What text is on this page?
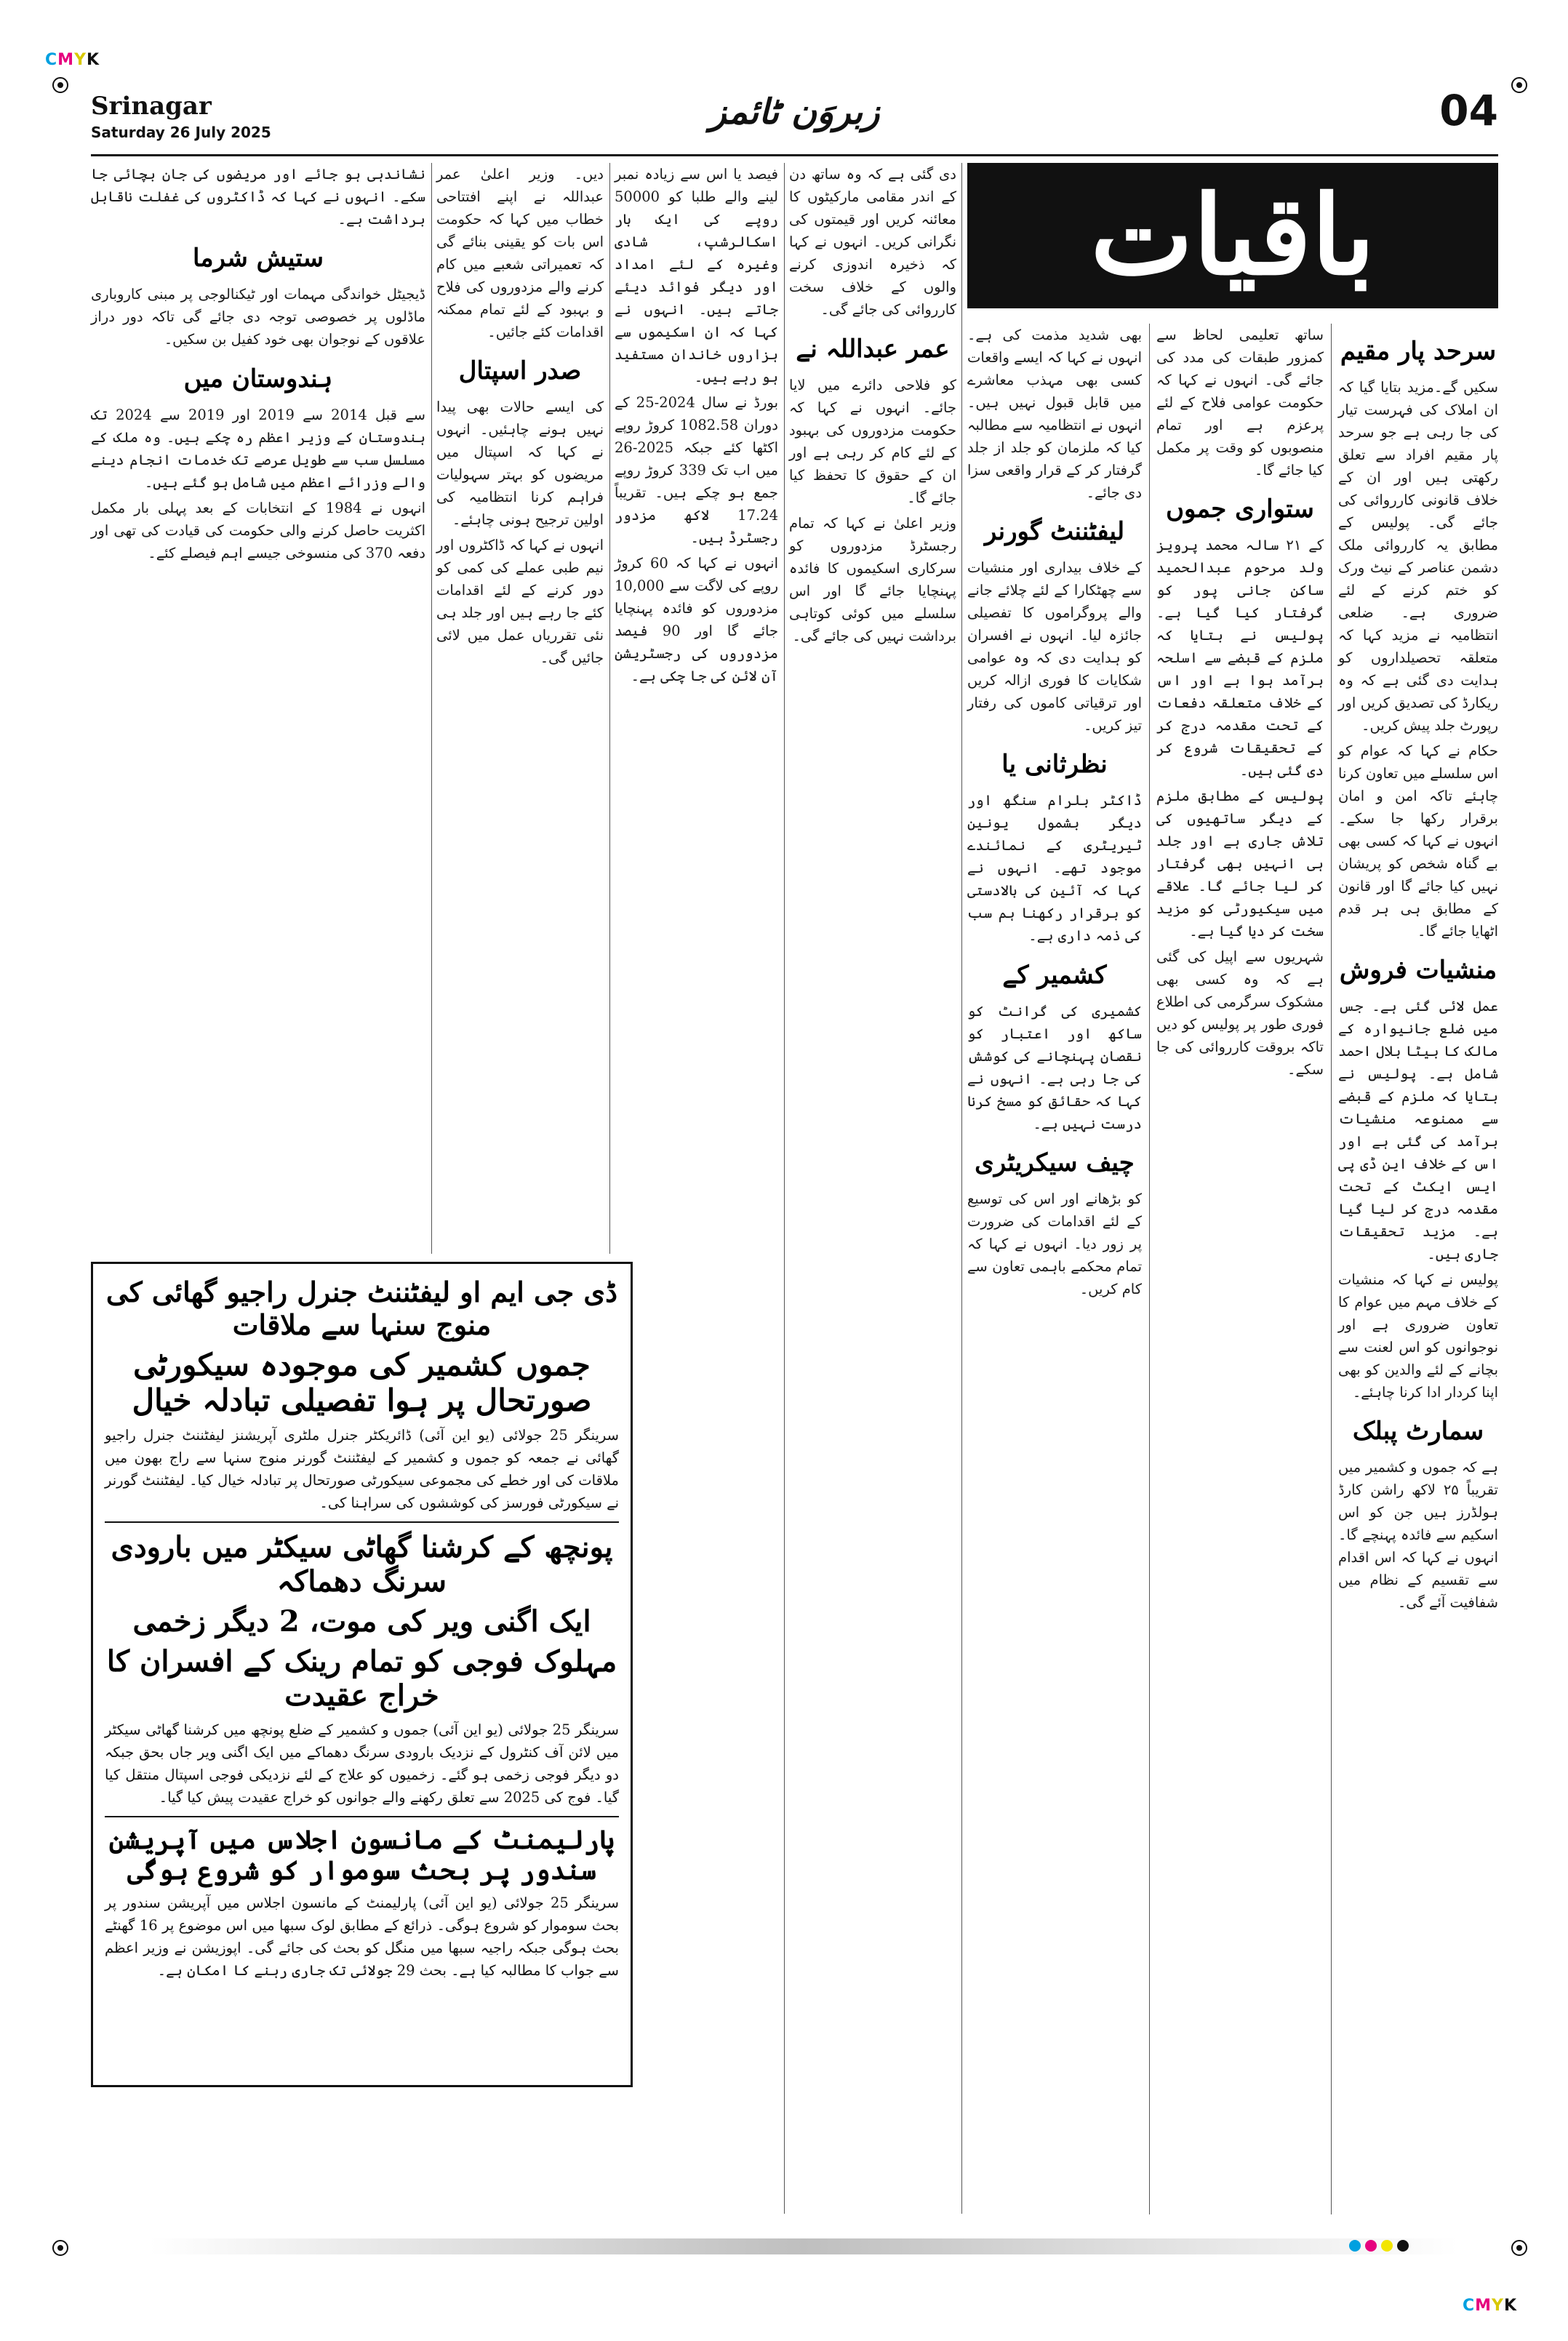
CMYK
CMYK
Srinagar
Saturday 26 July 2025	زبروَن ٹائمز	04
باقیات
سرحد پار مقیم

سکیں گے۔مزید بتایا گیا کہ ان املاک کی فہرست تیار کی جا رہی ہے جو سرحد پار مقیم افراد سے تعلق رکھتی ہیں اور ان کے خلاف قانونی کارروائی کی جائے گی۔ پولیس کے مطابق یہ کارروائی ملک دشمن عناصر کے نیٹ ورک کو ختم کرنے کے لئے ضروری ہے۔ ضلعی انتظامیہ نے مزید کہا کہ متعلقہ تحصیلداروں کو ہدایت دی گئی ہے کہ وہ ریکارڈ کی تصدیق کریں اور رپورٹ جلد پیش کریں۔

حکام نے کہا کہ عوام کو اس سلسلے میں تعاون کرنا چاہئے تاکہ امن و امان برقرار رکھا جا سکے۔ انہوں نے کہا کہ کسی بھی بے گناہ شخص کو پریشان نہیں کیا جائے گا اور قانون کے مطابق ہی ہر قدم اٹھایا جائے گا۔

منشیات فروش

عمل لائی گئی ہے۔ جس میں ضلع جانیوارہ کے مالک کا بیٹا بلال احمد شامل ہے۔ پولیس نے بتایا کہ ملزم کے قبضے سے ممنوعہ منشیات برآمد کی گئی ہے اور اس کے خلاف این ڈی پی ایس ایکٹ کے تحت مقدمہ درج کر لیا گیا ہے۔ مزید تحقیقات جاری ہیں۔

پولیس نے کہا کہ منشیات کے خلاف مہم میں عوام کا تعاون ضروری ہے اور نوجوانوں کو اس لعنت سے بچانے کے لئے والدین کو بھی اپنا کردار ادا کرنا چاہئے۔

سمارٹ پبلک

ہے کہ جموں و کشمیر میں تقریباً ۲۵ لاکھ راشن کارڈ ہولڈرز ہیں جن کو اس اسکیم سے فائدہ پہنچے گا۔ انہوں نے کہا کہ اس اقدام سے تقسیم کے نظام میں شفافیت آئے گی۔

ساتھ تعلیمی لحاظ سے کمزور طبقات کی مدد کی جائے گی۔ انہوں نے کہا کہ حکومت عوامی فلاح کے لئے پرعزم ہے اور تمام منصوبوں کو وقت پر مکمل کیا جائے گا۔

ستواری جموں

کے ۲۱ سالہ محمد پرویز ولد مرحوم عبدالحمید ساکن جانی پور کو گرفتار کیا گیا ہے۔ پولیس نے بتایا کہ ملزم کے قبضے سے اسلحہ برآمد ہوا ہے اور اس کے خلاف متعلقہ دفعات کے تحت مقدمہ درج کر کے تحقیقات شروع کر دی گئی ہیں۔

پولیس کے مطابق ملزم کے دیگر ساتھیوں کی تلاش جاری ہے اور جلد ہی انہیں بھی گرفتار کر لیا جائے گا۔ علاقے میں سیکیورٹی کو مزید سخت کر دیا گیا ہے۔

شہریوں سے اپیل کی گئی ہے کہ وہ کسی بھی مشکوک سرگرمی کی اطلاع فوری طور پر پولیس کو دیں تاکہ بروقت کارروائی کی جا سکے۔

بھی شدید مذمت کی ہے۔ انہوں نے کہا کہ ایسے واقعات کسی بھی مہذب معاشرے میں قابل قبول نہیں ہیں۔ انہوں نے انتظامیہ سے مطالبہ کیا کہ ملزمان کو جلد از جلد گرفتار کر کے قرار واقعی سزا دی جائے۔

لیفٹننٹ گورنر

کے خلاف بیداری اور منشیات سے چھٹکارا کے لئے چلائے جانے والے پروگراموں کا تفصیلی جائزہ لیا۔ انہوں نے افسران کو ہدایت دی کہ وہ عوامی شکایات کا فوری ازالہ کریں اور ترقیاتی کاموں کی رفتار تیز کریں۔

نظرثانی یا

ڈاکٹر بلرام سنگھ اور دیگر بشمول یونین ٹیریٹری کے نمائندے موجود تھے۔ انہوں نے کہا کہ آئین کی بالادستی کو برقرار رکھنا ہم سب کی ذمہ داری ہے۔

کشمیر کے

کشمیری کی گرانٹ کو ساکھ اور اعتبار کو نقصان پہنچانے کی کوشش کی جا رہی ہے۔ انہوں نے کہا کہ حقائق کو مسخ کرنا درست نہیں ہے۔

چیف سیکریٹری

کو بڑھانے اور اس کی توسیع کے لئے اقدامات کی ضرورت پر زور دیا۔ انہوں نے کہا کہ تمام محکمے باہمی تعاون سے کام کریں۔

دی گئی ہے کہ وہ ساتھ دن کے اندر مقامی مارکیٹوں کا معائنہ کریں اور قیمتوں کی نگرانی کریں۔ انہوں نے کہا کہ ذخیرہ اندوزی کرنے والوں کے خلاف سخت کارروائی کی جائے گی۔

عمر عبداللہ نے

کو فلاحی دائرے میں لایا جائے۔ انہوں نے کہا کہ حکومت مزدوروں کی بہبود کے لئے کام کر رہی ہے اور ان کے حقوق کا تحفظ کیا جائے گا۔

وزیر اعلیٰ نے کہا کہ تمام رجسٹرڈ مزدوروں کو سرکاری اسکیموں کا فائدہ پہنچایا جائے گا اور اس سلسلے میں کوئی کوتاہی برداشت نہیں کی جائے گی۔

فیصد یا اس سے زیادہ نمبر لینے والے طلبا کو 50000 روپے کی ایک بار اسکالرشپ، شادی وغیرہ کے لئے امداد اور دیگر فوائد دیئے جاتے ہیں۔ انہوں نے کہا کہ ان اسکیموں سے ہزاروں خاندان مستفید ہو رہے ہیں۔

بورڈ نے سال 2024-25 کے دوران 1082.58 کروڑ روپے اکٹھا کئے جبکہ 2025-26 میں اب تک 339 کروڑ روپے جمع ہو چکے ہیں۔ تقریباً 17.24 لاکھ مزدور رجسٹرڈ ہیں۔

انہوں نے کہا کہ 60 کروڑ روپے کی لاگت سے 10,000 مزدوروں کو فائدہ پہنچایا جائے گا اور 90 فیصد مزدوروں کی رجسٹریشن آن لائن کی جا چکی ہے۔

دیں۔ وزیر اعلیٰ عمر عبداللہ نے اپنے افتتاحی خطاب میں کہا کہ حکومت اس بات کو یقینی بنائے گی کہ تعمیراتی شعبے میں کام کرنے والے مزدوروں کی فلاح و بہبود کے لئے تمام ممکنہ اقدامات کئے جائیں۔

صدر اسپتال

کی ایسے حالات بھی پیدا نہیں ہونے چاہئیں۔ انہوں نے کہا کہ اسپتال میں مریضوں کو بہتر سہولیات فراہم کرنا انتظامیہ کی اولین ترجیح ہونی چاہئے۔

انہوں نے کہا کہ ڈاکٹروں اور نیم طبی عملے کی کمی کو دور کرنے کے لئے اقدامات کئے جا رہے ہیں اور جلد ہی نئی تقرریاں عمل میں لائی جائیں گی۔

نشاندہی ہو جائے اور مریضوں کی جان بچائی جا سکے۔ انہوں نے کہا کہ ڈاکٹروں کی غفلت ناقابل برداشت ہے۔

ستیش شرما

ڈیجیٹل خواندگی مہمات اور ٹیکنالوجی پر مبنی کاروباری ماڈلوں پر خصوصی توجہ دی جائے گی تاکہ دور دراز علاقوں کے نوجوان بھی خود کفیل بن سکیں۔

ہندوستان میں

سے قبل 2014 سے 2019 اور 2019 سے 2024 تک ہندوستان کے وزیر اعظم رہ چکے ہیں۔ وہ ملک کے مسلسل سب سے طویل عرصے تک خدمات انجام دینے والے وزرائے اعظم میں شامل ہو گئے ہیں۔

انہوں نے 1984 کے انتخابات کے بعد پہلی بار مکمل اکثریت حاصل کرنے والی حکومت کی قیادت کی تھی اور دفعہ 370 کی منسوخی جیسے اہم فیصلے کئے۔

ڈی جی ایم او لیفٹننٹ جنرل راجیو گھائی کی منوج سنہا سے ملاقات
جموں کشمیر کی موجودہ سیکورٹی صورتحال پر ہوا تفصیلی تبادلہ خیال

سرینگر 25 جولائی (یو این آئی) ڈائریکٹر جنرل ملٹری آپریشنز لیفٹننٹ جنرل راجیو گھائی نے جمعہ کو جموں و کشمیر کے لیفٹننٹ گورنر منوج سنہا سے راج بھون میں ملاقات کی اور خطے کی مجموعی سیکورٹی صورتحال پر تبادلہ خیال کیا۔ لیفٹننٹ گورنر نے سیکورٹی فورسز کی کوششوں کی سراہنا کی۔

پونچھ کے کرشنا گھاٹی سیکٹر میں بارودی سرنگ دھماکہ
ایک اگنی ویر کی موت، 2 دیگر زخمی
مہلوک فوجی کو تمام رینک کے افسران کا خراج عقیدت

سرینگر 25 جولائی (یو این آئی) جموں و کشمیر کے ضلع پونچھ میں کرشنا گھاٹی سیکٹر میں لائن آف کنٹرول کے نزدیک بارودی سرنگ دھماکے میں ایک اگنی ویر جاں بحق جبکہ دو دیگر فوجی زخمی ہو گئے۔ زخمیوں کو علاج کے لئے نزدیکی فوجی اسپتال منتقل کیا گیا۔ فوج کی 2025 سے تعلق رکھنے والے جوانوں کو خراج عقیدت پیش کیا گیا۔

پارلیمنٹ کے مانسون اجلاس میں آپریشن سندور پر بحث سوموار کو شروع ہوگی

سرینگر 25 جولائی (یو این آئی) پارلیمنٹ کے مانسون اجلاس میں آپریشن سندور پر بحث سوموار کو شروع ہوگی۔ ذرائع کے مطابق لوک سبھا میں اس موضوع پر 16 گھنٹے بحث ہوگی جبکہ راجیہ سبھا میں منگل کو بحث کی جائے گی۔ اپوزیشن نے وزیر اعظم سے جواب کا مطالبہ کیا ہے۔ بحث 29 جولائی تک جاری رہنے کا امکان ہے۔
